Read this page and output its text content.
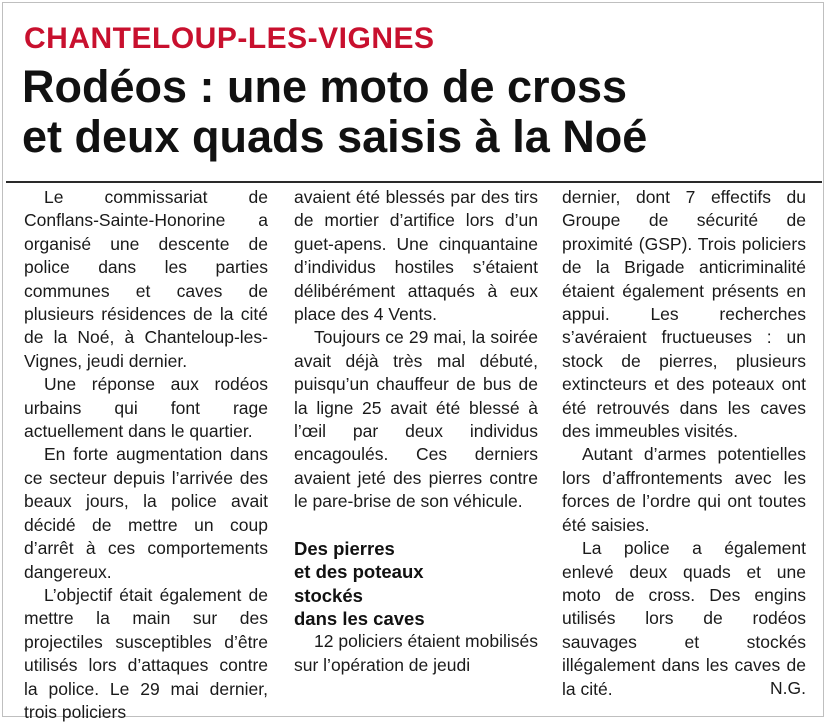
CHANTELOUP-LES-VIGNES
Rodéos : une moto de cross
et deux quads saisis à la Noé

Le commissariat de Conflans-Sainte-Honorine a organisé une descente de police dans les parties communes et caves de plusieurs résidences de la cité de la Noé, à Chanteloup-les-Vignes, jeudi dernier.

Une réponse aux rodéos urbains qui font rage actuellement dans le quartier.

En forte augmentation dans ce secteur depuis l’arrivée des beaux jours, la police avait décidé de mettre un coup d’arrêt à ces comportements dangereux.

L’objectif était également de mettre la main sur des projectiles susceptibles d’être utilisés lors d’attaques contre la police. Le 29 mai dernier, trois policiers

avaient été blessés par des tirs de mortier d’artifice lors d’un guet-apens. Une cinquantaine d’individus hostiles s’étaient délibérément attaqués à eux place des 4 Vents.

Toujours ce 29 mai, la soirée avait déjà très mal débuté, puisqu’un chauffeur de bus de la ligne 25 avait été blessé à l’œil par deux individus encagoulés. Ces derniers avaient jeté des pierres contre le pare-brise de son véhicule.

Des pierres
et des poteaux
stockés
dans les caves

12 policiers étaient mobilisés sur l’opération de jeudi

dernier, dont 7 effectifs du Groupe de sécurité de proximité (GSP). Trois policiers de la Brigade anticriminalité étaient également présents en appui. Les recherches s’avéraient fructueuses : un stock de pierres, plusieurs extincteurs et des poteaux ont été retrouvés dans les caves des immeubles visités.

Autant d’armes potentielles lors d’affrontements avec les forces de l’ordre qui ont toutes été saisies.

La police a également enlevé deux quads et une moto de cross. Des engins utilisés lors de rodéos sauvages et stockés illégalement dans les caves de la cité.	N.G.
